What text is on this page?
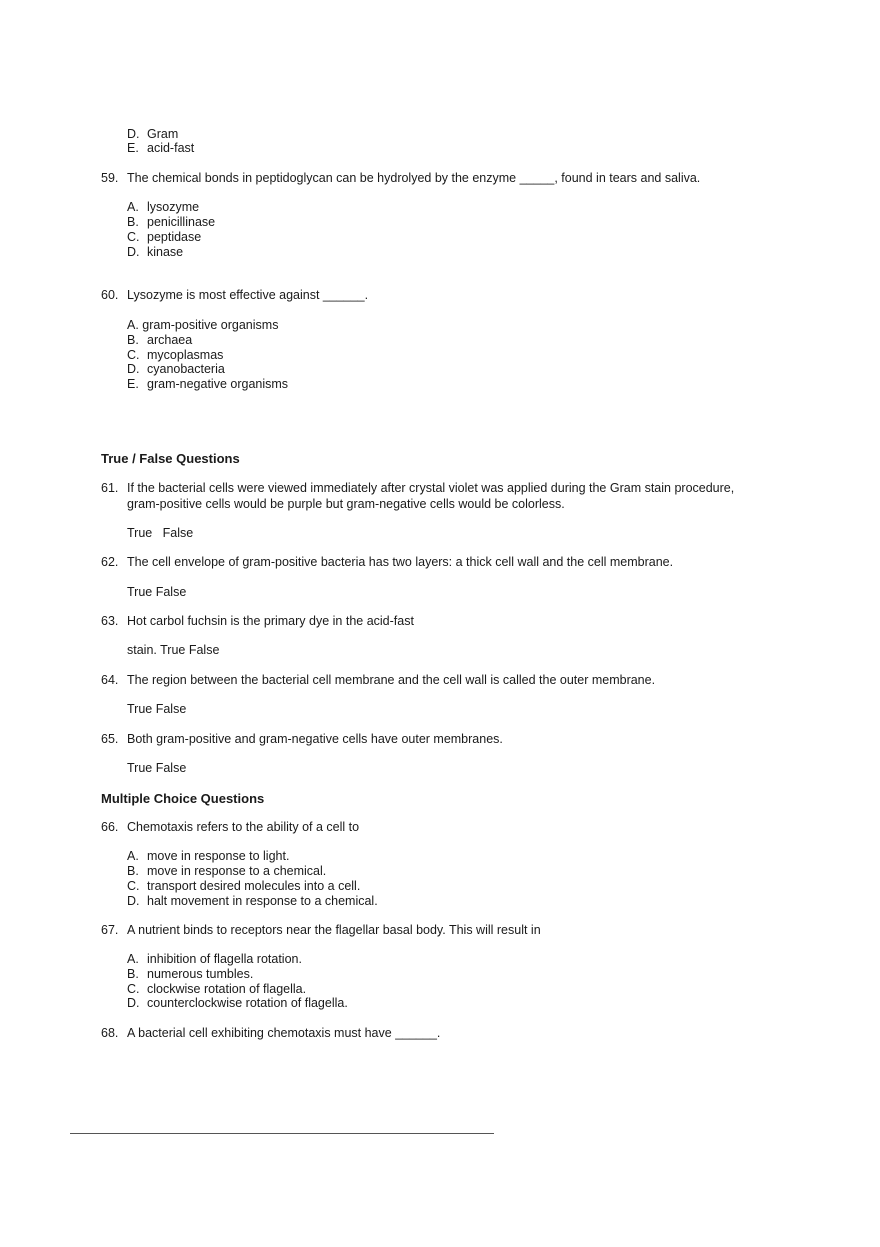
D. Gram
E. acid-fast
59. The chemical bonds in peptidoglycan can be hydrolyed by the enzyme _____, found in tears and saliva.
A. lysozyme
B. penicillinase
C. peptidase
D. kinase
60. Lysozyme is most effective against ______.
A. gram-positive organisms
B. archaea
C. mycoplasmas
D. cyanobacteria
E. gram-negative organisms
True / False Questions
61. If the bacterial cells were viewed immediately after crystal violet was applied during the Gram stain procedure,
gram-positive cells would be purple but gram-negative cells would be colorless.
True   False
62. The cell envelope of gram-positive bacteria has two layers: a thick cell wall and the cell membrane.
True False
63. Hot carbol fuchsin is the primary dye in the acid-fast
stain. True False
64. The region between the bacterial cell membrane and the cell wall is called the outer membrane.
True False
65. Both gram-positive and gram-negative cells have outer membranes.
True False
Multiple Choice Questions
66. Chemotaxis refers to the ability of a cell to
A. move in response to light.
B. move in response to a chemical.
C. transport desired molecules into a cell.
D. halt movement in response to a chemical.
67. A nutrient binds to receptors near the flagellar basal body. This will result in
A. inhibition of flagella rotation.
B. numerous tumbles.
C. clockwise rotation of flagella.
D. counterclockwise rotation of flagella.
68. A bacterial cell exhibiting chemotaxis must have ______.
